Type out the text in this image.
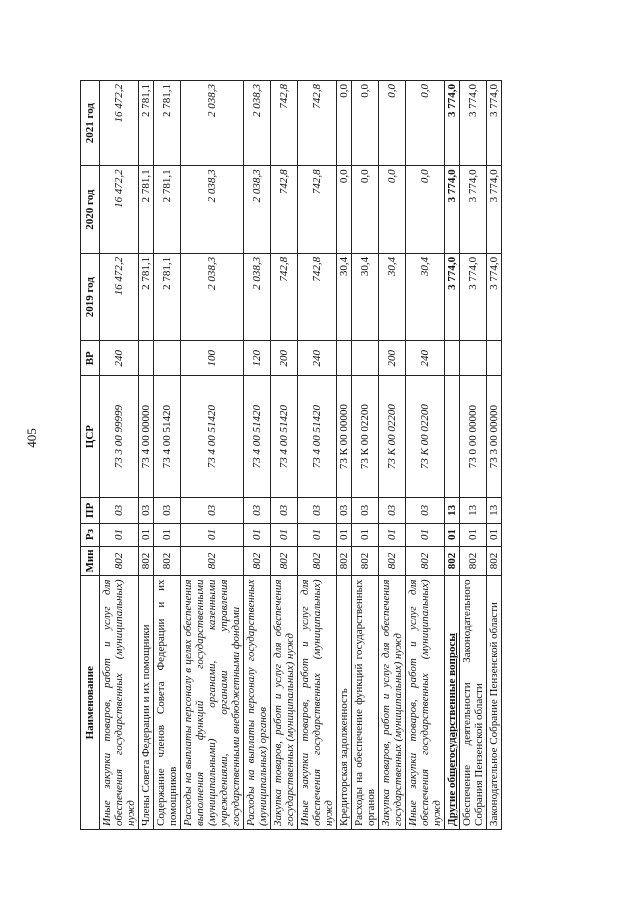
405
Наименование	Мин	Рз	ПР	ЦСР	ВР	2019 год	2020 год	2021 год
Иные закупки товаров, работ и услуг для обеспечения государственных (муниципальных) нужд	802	01	03	73 3 00 99999	240	16 472,2	16 472,2	16 472,2
Члены Совета Федерации и их помощники	802	01	03	73 4 00 00000		2 781,1	2 781,1	2 781,1
Содержание членов Совета Федерации и их помощников	802	01	03	73 4 00 51420		2 781,1	2 781,1	2 781,1
Расходы на выплаты персоналу в целях обеспечения выполнения функций государственными (муниципальными) органами, казенными учреждениями, органами управления государственными внебюджетными фондами	802	01	03	73 4 00 51420	100	2 038,3	2 038,3	2 038,3
Расходы на выплаты персоналу государственных (муниципальных) органов	802	01	03	73 4 00 51420	120	2 038,3	2 038,3	2 038,3
Закупка товаров, работ и услуг для обеспечения государственных (муниципальных) нужд	802	01	03	73 4 00 51420	200	742,8	742,8	742,8
Иные закупки товаров, работ и услуг для обеспечения государственных (муниципальных) нужд	802	01	03	73 4 00 51420	240	742,8	742,8	742,8
Кредиторская задолженность	802	01	03	73 К 00 00000		30,4	0,0	0,0
Расходы на обеспечение функций государственных органов	802	01	03	73 К 00 02200		30,4	0,0	0,0
Закупка товаров, работ и услуг для обеспечения государственных (муниципальных) нужд	802	01	03	73 К 00 02200	200	30,4	0,0	0,0
Иные закупки товаров, работ и услуг для обеспечения государственных (муниципальных) нужд	802	01	03	73 К 00 02200	240	30,4	0,0	0,0
Другие общегосударственные вопросы	802	01	13			3 774,0	3 774,0	3 774,0
Обеспечение деятельности Законодательного Собрания Пензенской области	802	01	13	73 0 00 00000		3 774,0	3 774,0	3 774,0
Законодательное Собрание Пензенской области	802	01	13	73 3 00 00000		3 774,0	3 774,0	3 774,0
